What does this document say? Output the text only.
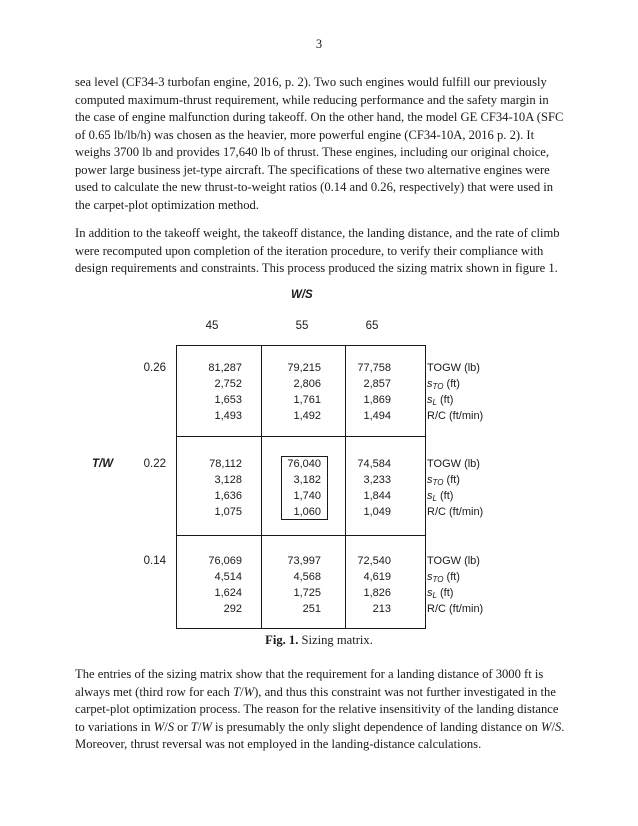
3
sea level (CF34-3 turbofan engine, 2016, p. 2). Two such engines would fulfill our previously
computed maximum-thrust requirement, while reducing performance and the safety margin in
the case of engine malfunction during takeoff. On the other hand, the model GE CF34-10A (SFC
of 0.65 lb/lb/h) was chosen as the heavier, more powerful engine (CF34-10A, 2016 p. 2). It
weighs 3700 lb and provides 17,640 lb of thrust. These engines, including our original choice,
power large business jet-type aircraft. The specifications of these two alternative engines were
used to calculate the new thrust-to-weight ratios (0.14 and 0.26, respectively) that were used in
the carpet-plot optimization method.
In addition to the takeoff weight, the takeoff distance, the landing distance, and the rate of climb
were recomputed upon completion of the iteration procedure, to verify their compliance with
design requirements and constraints. This process produced the sizing matrix shown in figure 1.
W/S
T/W
45	55	65
0.26
0.22
0.14
81,287
2,752
1,653
1,493
79,215
2,806
1,761
1,492
77,758
2,857
1,869
1,494
TOGW (lb)
$s_{TO}$ (ft)
$s_L$ (ft)
R/C (ft/min)
78,112
3,128
1,636
1,075
76,040
3,182
1,740
1,060
74,584
3,233
1,844
1,049
TOGW (lb)
$s_{TO}$ (ft)
$s_L$ (ft)
R/C (ft/min)
76,069
4,514
1,624
292
73,997
4,568
1,725
251
72,540
4,619
1,826
213
TOGW (lb)
$s_{TO}$ (ft)
$s_L$ (ft)
R/C (ft/min)
Fig. 1. Sizing matrix.
The entries of the sizing matrix show that the requirement for a landing distance of 3000 ft is
always met (third row for each T/W), and thus this constraint was not further investigated in the
carpet-plot optimization process. The reason for the relative insensitivity of the landing distance
to variations in W/S or T/W is presumably the only slight dependence of landing distance on W/S.
Moreover, thrust reversal was not employed in the landing-distance calculations.
